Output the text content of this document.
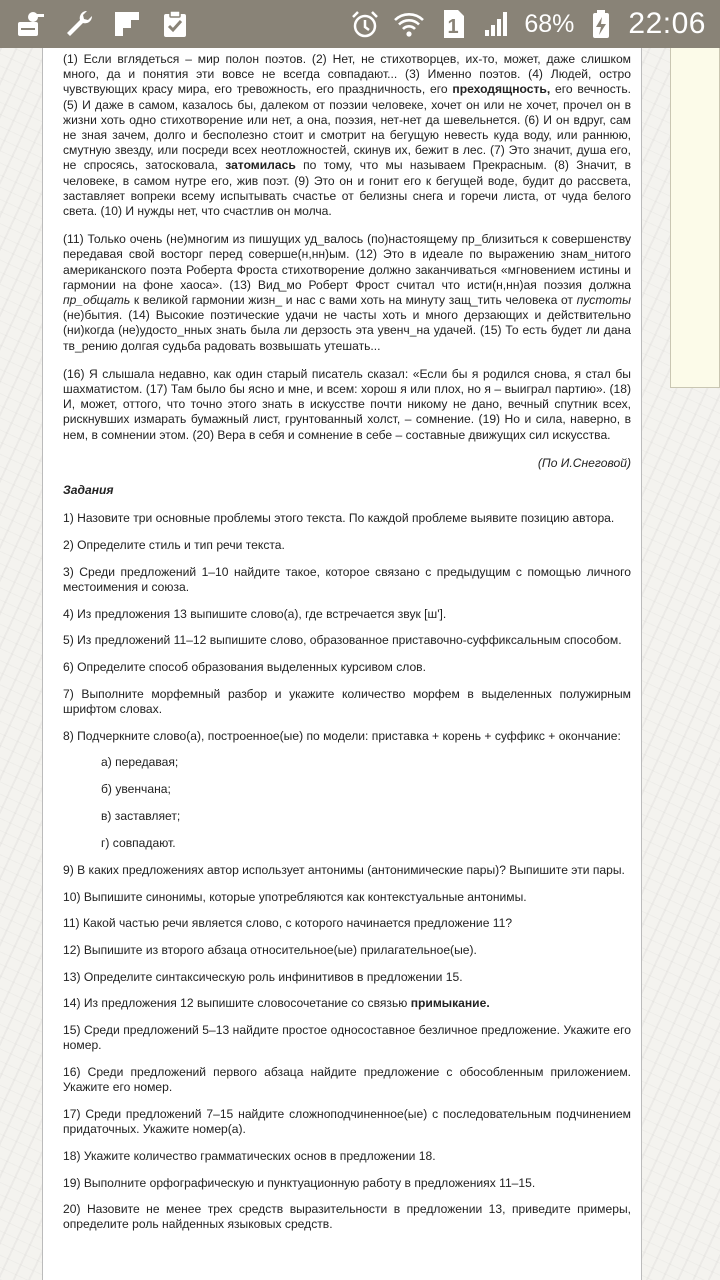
1	68% 22:06

(1) Если вглядеться – мир полон поэтов. (2) Нет, не стихотворцев, их-то, может, даже слишком много, да и понятия эти вовсе не всегда совпадают... (3) Именно поэтов. (4) Людей, остро чувствующих красу мира, его тревожность, его праздничность, его преходящность, его вечность. (5) И даже в самом, казалось бы, далеком от поэзии человеке, хочет он или не хочет, прочел он в жизни хоть одно стихотворение или нет, а она, поэзия, нет-нет да шевельнется. (6) И он вдруг, сам не зная зачем, долго и бесполезно стоит и смотрит на бегущую невесть куда воду, или раннюю, смутную звезду, или посреди всех неотложностей, скинув их, бежит в лес. (7) Это значит, душа его, не спросясь, затосковала, затомилась по тому, что мы называем Прекрасным. (8) Значит, в человеке, в самом нутре его, жив поэт. (9) Это он и гонит его к бегущей воде, будит до рассвета, заставляет вопреки всему испытывать счастье от белизны снега и горечи листа, от чуда белого света. (10) И нужды нет, что счастлив он молча.

(11) Только очень (не)многим из пишущих уд_валось (по)настоящему пр_близиться к совершенству передавая свой восторг перед соверше(н,нн)ым. (12) Это в идеале по выражению знам_нитого американского поэта Роберта Фроста стихотворение должно заканчиваться «мгновением истины и гармонии на фоне хаоса». (13) Вид_мо Роберт Фрост считал что исти(н,нн)ая поэзия должна пр_общать к великой гармонии жизн_ и нас с вами хоть на минуту защ_тить человека от пустоты (не)бытия. (14) Высокие поэтические удачи не часты хоть и много дерзающих и действительно (ни)когда (не)удосто_нных знать была ли дерзость эта увенч_на удачей. (15) То есть будет ли дана тв_рению долгая судьба радовать возвышать утешать...

(16) Я слышала недавно, как один старый писатель сказал: «Если бы я родился снова, я стал бы шахматистом. (17) Там было бы ясно и мне, и всем: хорош я или плох, но я – выиграл партию». (18) И, может, оттого, что точно этого знать в искусстве почти никому не дано, вечный спутник всех, рискнувших измарать бумажный лист, грунтованный холст, – сомнение. (19) Но и сила, наверно, в нем, в сомнении этом. (20) Вера в себя и сомнение в себе – составные движущих сил искусства.

(По И.Снеговой)

Задания

1) Назовите три основные проблемы этого текста. По каждой проблеме выявите позицию автора.

2) Определите стиль и тип речи текста.

3) Среди предложений 1–10 найдите такое, которое связано с предыдущим с помощью личного местоимения и союза.

4) Из предложения 13 выпишите слово(а), где встречается звук [ш'].

5) Из предложений 11–12 выпишите слово, образованное приставочно-суффиксальным способом.

6) Определите способ образования выделенных курсивом слов.

7) Выполните морфемный разбор и укажите количество морфем в выделенных полужирным шрифтом словах.

8) Подчеркните слово(а), построенное(ые) по модели: приставка + корень + суффикс + окончание:

а) передавая;

б) увенчана;

в) заставляет;

г) совпадают.

9) В каких предложениях автор использует антонимы (антонимические пары)? Выпишите эти пары.

10) Выпишите синонимы, которые употребляются как контекстуальные антонимы.

11) Какой частью речи является слово, с которого начинается предложение 11?

12) Выпишите из второго абзаца относительное(ые) прилагательное(ые).

13) Определите синтаксическую роль инфинитивов в предложении 15.

14) Из предложения 12 выпишите словосочетание со связью примыкание.

15) Среди предложений 5–13 найдите простое односоставное безличное предложение. Укажите его номер.

16) Среди предложений первого абзаца найдите предложение с обособленным приложением. Укажите его номер.

17) Среди предложений 7–15 найдите сложноподчиненное(ые) с последовательным подчинением придаточных. Укажите номер(а).

18) Укажите количество грамматических основ в предложении 18.

19) Выполните орфографическую и пунктуационную работу в предложениях 11–15.

20) Назовите не менее трех средств выразительности в предложении 13, приведите примеры, определите роль найденных языковых средств.
